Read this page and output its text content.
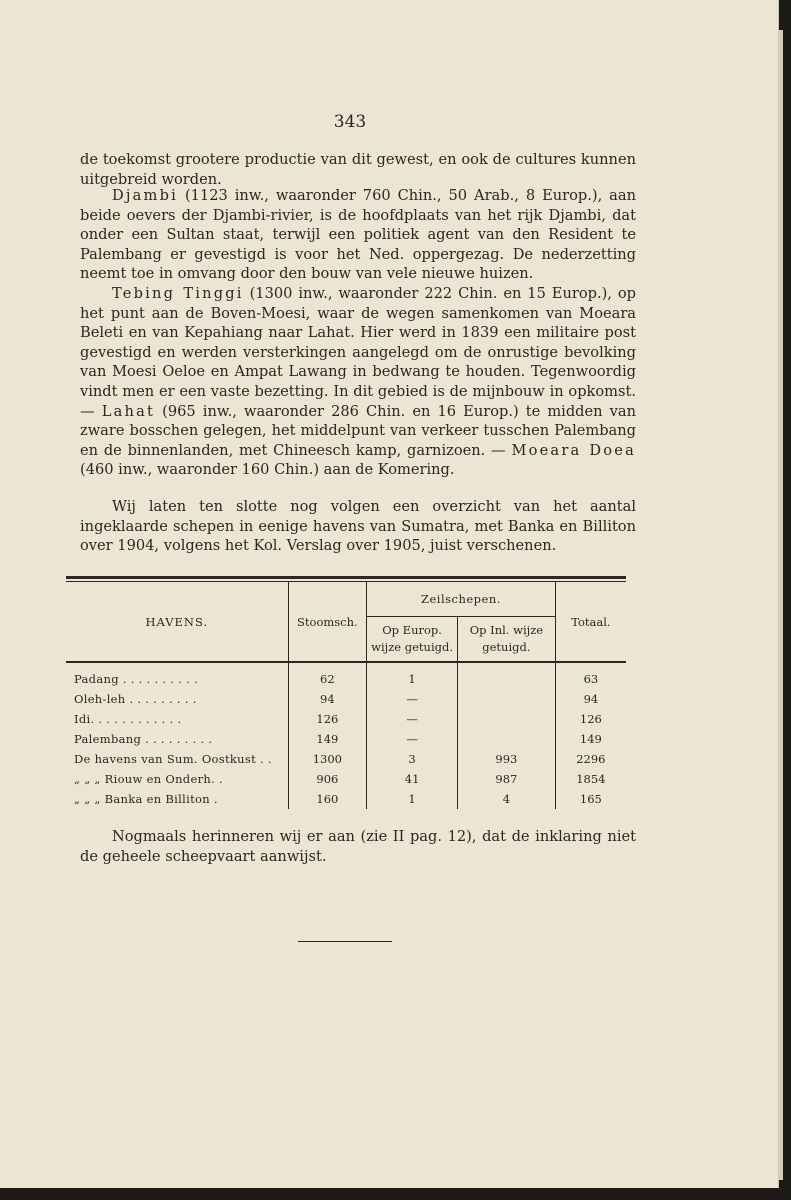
343

de toekomst grootere productie van dit gewest, en ook de cultures kunnen uitgebreid worden.

Djambi (1123 inw., waaronder 760 Chin., 50 Arab., 8 Europ.), aan beide oevers der Djambi-rivier, is de hoofdplaats van het rijk Djambi, dat onder een Sultan staat, terwijl een politiek agent van den Resident te Palembang er gevestigd is voor het Ned. oppergezag. De nederzetting neemt toe in omvang door den bouw van vele nieuwe huizen.

Tebing Tinggi (1300 inw., waaronder 222 Chin. en 15 Europ.), op het punt aan de Boven-Moesi, waar de wegen samenkomen van Moeara Beleti en van Kepahiang naar Lahat. Hier werd in 1839 een militaire post gevestigd en werden versterkingen aangelegd om de onrustige bevolking van Moesi Oeloe en Ampat Lawang in bedwang te houden. Tegenwoordig vindt men er een vaste bezetting. In dit gebied is de mijnbouw in opkomst. — Lahat (965 inw., waaronder 286 Chin. en 16 Europ.) te midden van zware bosschen gelegen, het middelpunt van verkeer tusschen Palembang en de binnenlanden, met Chineesch kamp, garnizoen. — Moeara Doea (460 inw., waaronder 160 Chin.) aan de Komering.

Wij laten ten slotte nog volgen een overzicht van het aantal ingeklaarde schepen in eenige havens van Sumatra, met Banka en Billiton over 1904, volgens het Kol. Verslag over 1905, juist verschenen.

HAVENS.	Stoomsch.	Zeilschepen.		Totaal.
		Op Europ. wijze getuigd.	Op Inl. wijze getuigd.	

Padang . . . . . . . . . .	62	1		63
Oleh-leh . . . . . . . . .	94	—		94
Idi. . . . . . . . . . . .	126	—		126
Palembang . . . . . . . . .	149	—		149
De havens van Sum. Oostkust . .	1300	3	993	2296
„ „ „ Riouw en Onderh. .	906	41	987	1854
„ „ „ Banka en Billiton .	160	1	4	165

Nogmaals herinneren wij er aan (zie II pag. 12), dat de inklaring niet de geheele scheepvaart aanwijst.
